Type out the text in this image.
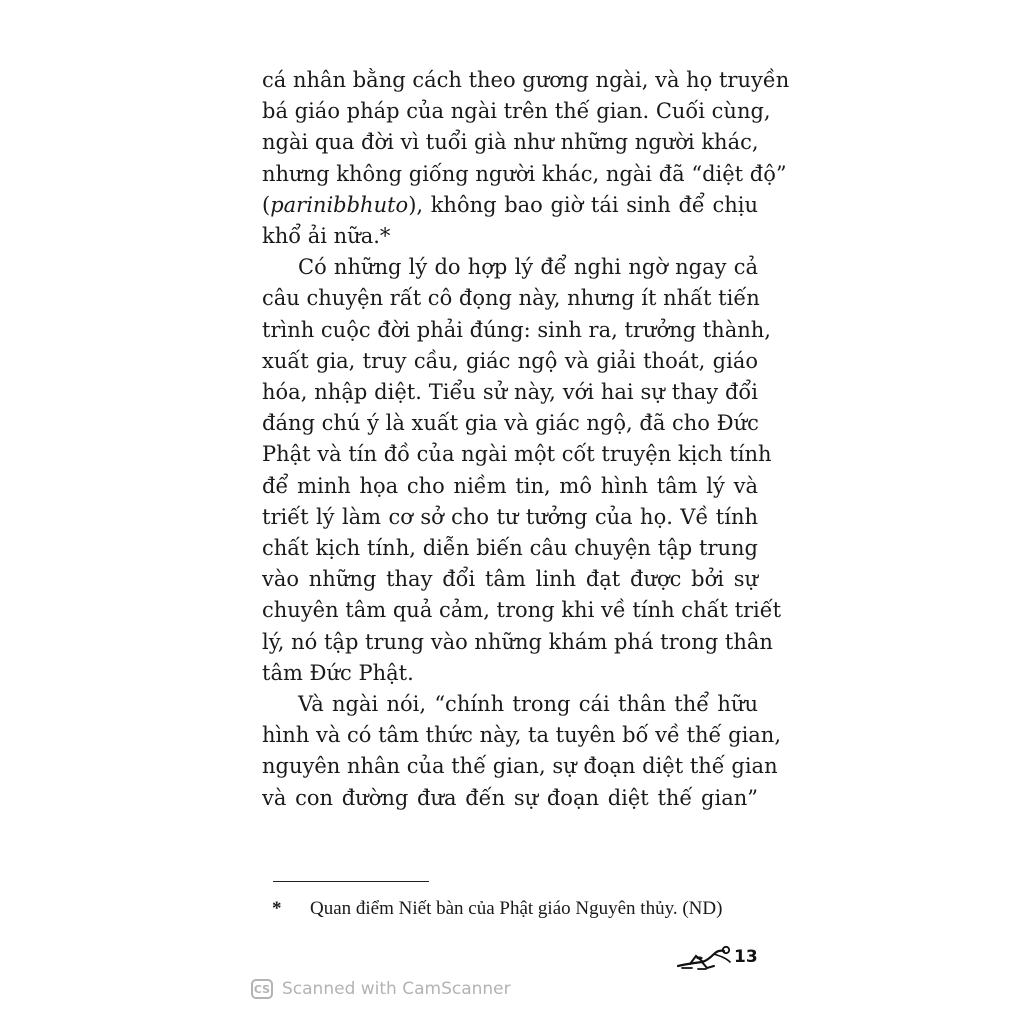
cá nhân bằng cách theo gương ngài, và họ truyền
bá giáo pháp của ngài trên thế gian. Cuối cùng,
ngài qua đời vì tuổi già như những người khác,
nhưng không giống người khác, ngài đã “diệt độ”
(parinibbhuto), không bao giờ tái sinh để chịu
khổ ải nữa.*

Có những lý do hợp lý để nghi ngờ ngay cả
câu chuyện rất cô đọng này, nhưng ít nhất tiến
trình cuộc đời phải đúng: sinh ra, trưởng thành,
xuất gia, truy cầu, giác ngộ và giải thoát, giáo
hóa, nhập diệt. Tiểu sử này, với hai sự thay đổi
đáng chú ý là xuất gia và giác ngộ, đã cho Đức
Phật và tín đồ của ngài một cốt truyện kịch tính
để minh họa cho niềm tin, mô hình tâm lý và
triết lý làm cơ sở cho tư tưởng của họ. Về tính
chất kịch tính, diễn biến câu chuyện tập trung
vào những thay đổi tâm linh đạt được bởi sự
chuyên tâm quả cảm, trong khi về tính chất triết
lý, nó tập trung vào những khám phá trong thân
tâm Đức Phật.

Và ngài nói, “chính trong cái thân thể hữu
hình và có tâm thức này, ta tuyên bố về thế gian,
nguyên nhân của thế gian, sự đoạn diệt thế gian
và con đường đưa đến sự đoạn diệt thế gian”

* Quan điểm Niết bàn của Phật giáo Nguyên thủy. (ND)
13
CS Scanned with CamScanner
